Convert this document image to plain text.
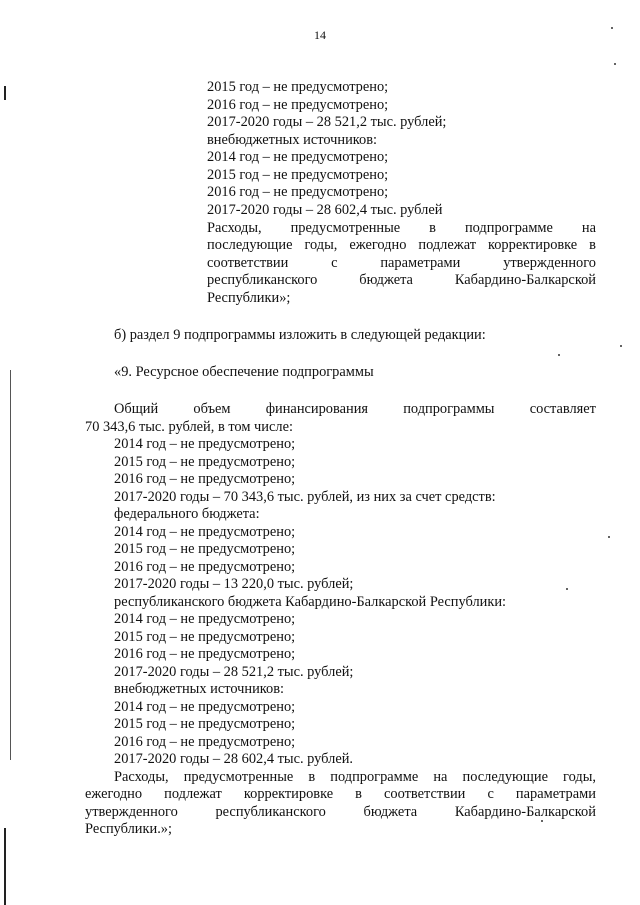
14
2015 год – не предусмотрено;
2016 год – не предусмотрено;
2017-2020 годы – 28 521,2 тыс. рублей;
внебюджетных источников:
2014 год – не предусмотрено;
2015 год – не предусмотрено;
2016 год – не предусмотрено;
2017-2020 годы – 28 602,4 тыс. рублей
Расходы, предусмотренные в подпрограмме на
последующие годы, ежегодно подлежат корректировке в
соответствии	с	параметрами	утвержденного
республиканского	бюджета	Кабардино-Балкарской
Республики»;
б) раздел 9 подпрограммы изложить в следующей редакции:
«9. Ресурсное обеспечение подпрограммы
Общий объем финансирования подпрограммы составляет
70 343,6 тыс. рублей, в том числе:
2014 год – не предусмотрено;
2015 год – не предусмотрено;
2016 год – не предусмотрено;
2017-2020 годы – 70 343,6 тыс. рублей, из них за счет средств:
федерального бюджета:
2014 год – не предусмотрено;
2015 год – не предусмотрено;
2016 год – не предусмотрено;
2017-2020 годы – 13 220,0 тыс. рублей;
республиканского бюджета Кабардино-Балкарской Республики:
2014 год – не предусмотрено;
2015 год – не предусмотрено;
2016 год – не предусмотрено;
2017-2020 годы – 28 521,2 тыс. рублей;
внебюджетных источников:
2014 год – не предусмотрено;
2015 год – не предусмотрено;
2016 год – не предусмотрено;
2017-2020 годы – 28 602,4 тыс. рублей.
Расходы, предусмотренные в подпрограмме на последующие годы,
ежегодно подлежат корректировке в соответствии с параметрами
утвержденного	республиканского	бюджета	Кабардино-Балкарской
Республики.»;
